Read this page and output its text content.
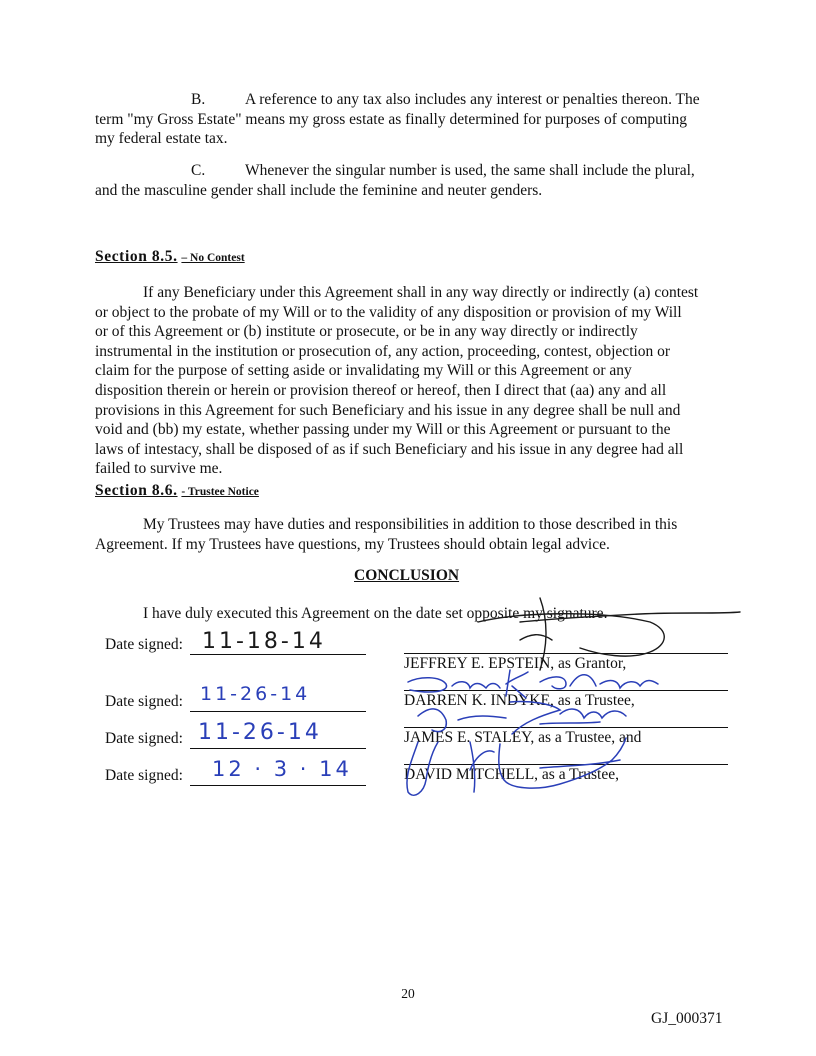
B.	A reference to any tax also includes any interest or penalties thereon. The
term "my Gross Estate" means my gross estate as finally determined for purposes of computing
my federal estate tax.
C.	Whenever the singular number is used, the same shall include the plural,
and the masculine gender shall include the feminine and neuter genders.
Section 8.5. – No Contest
If any Beneficiary under this Agreement shall in any way directly or indirectly (a) contest
or object to the probate of my Will or to the validity of any disposition or provision of my Will
or of this Agreement or (b) institute or prosecute, or be in any way directly or indirectly
instrumental in the institution or prosecution of, any action, proceeding, contest, objection or
claim for the purpose of setting aside or invalidating my Will or this Agreement or any
disposition therein or herein or provision thereof or hereof, then I direct that (aa) any and all
provisions in this Agreement for such Beneficiary and his issue in any degree shall be null and
void and (bb) my estate, whether passing under my Will or this Agreement or pursuant to the
laws of intestacy, shall be disposed of as if such Beneficiary and his issue in any degree had all
failed to survive me.
Section 8.6. - Trustee Notice
My Trustees may have duties and responsibilities in addition to those described in this
Agreement. If my Trustees have questions, my Trustees should obtain legal advice.
CONCLUSION
I have duly executed this Agreement on the date set opposite my signature.
Date signed: 11-18-14
Date signed: 11-26-14
Date signed: 11-26-14
Date signed: 12 · 3 · 14
JEFFREY E. EPSTEIN, as Grantor,
DARREN K. INDYKE, as a Trustee,
JAMES E. STALEY, as a Trustee, and
DAVID MITCHELL, as a Trustee,
20
GJ_000371
